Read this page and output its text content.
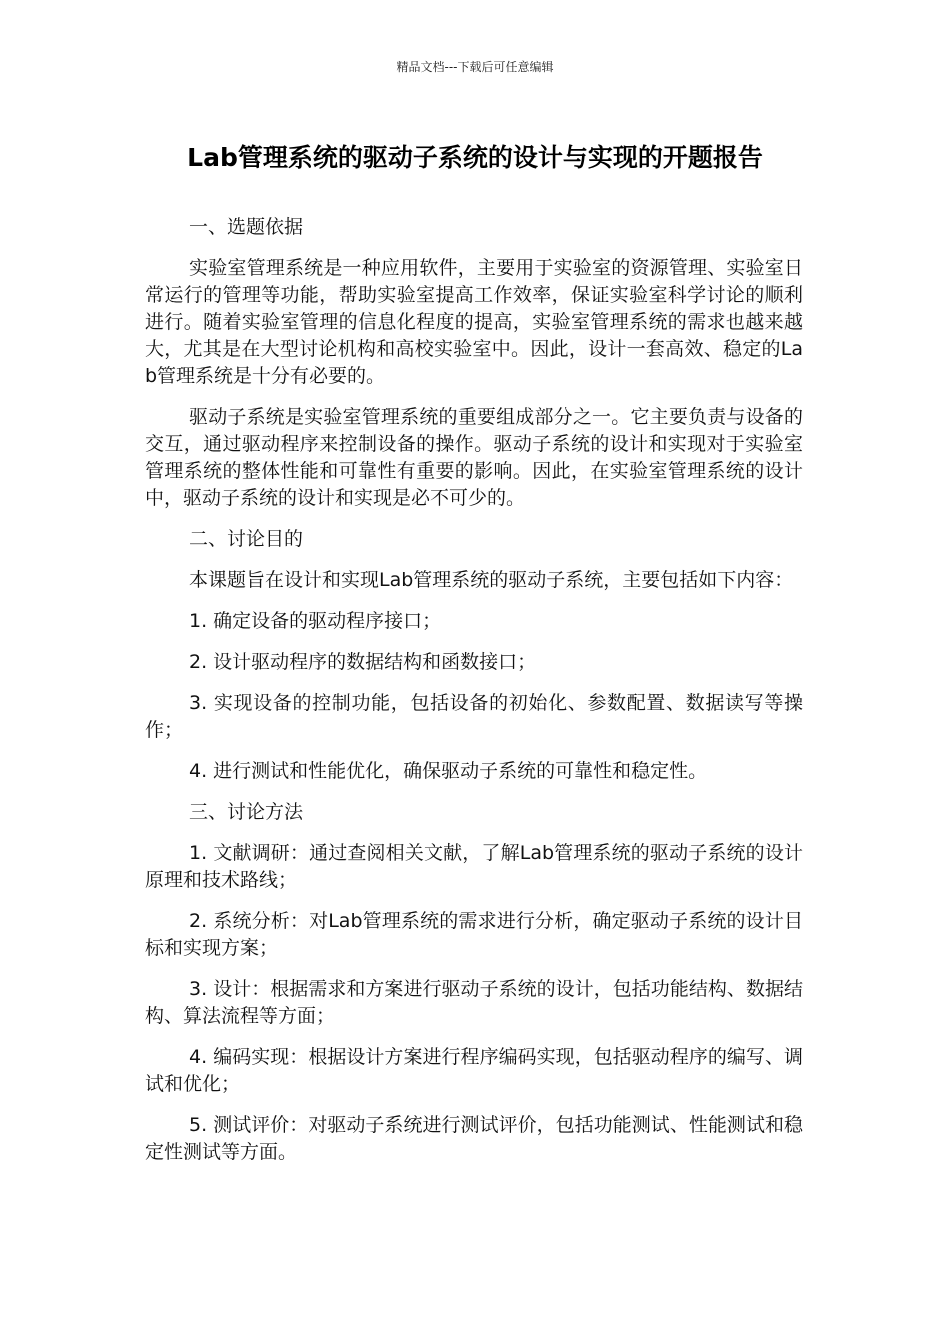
精品文档---下载后可任意编辑
Lab管理系统的驱动子系统的设计与实现的开题报告

一、选题依据

实验室管理系统是一种应用软件，主要用于实验室的资源管理、实验室日常运行的管理等功能，帮助实验室提高工作效率，保证实验室科学讨论的顺利进行。随着实验室管理的信息化程度的提高，实验室管理系统的需求也越来越大，尤其是在大型讨论机构和高校实验室中。因此，设计一套高效、稳定的Lab管理系统是十分有必要的。

驱动子系统是实验室管理系统的重要组成部分之一。它主要负责与设备的交互，通过驱动程序来控制设备的操作。驱动子系统的设计和实现对于实验室管理系统的整体性能和可靠性有重要的影响。因此，在实验室管理系统的设计中，驱动子系统的设计和实现是必不可少的。

二、讨论目的

本课题旨在设计和实现Lab管理系统的驱动子系统，主要包括如下内容：

1. 确定设备的驱动程序接口；

2. 设计驱动程序的数据结构和函数接口；

3. 实现设备的控制功能，包括设备的初始化、参数配置、数据读写等操作；

4. 进行测试和性能优化，确保驱动子系统的可靠性和稳定性。

三、讨论方法

1. 文献调研：通过查阅相关文献，了解Lab管理系统的驱动子系统的设计原理和技术路线；

2. 系统分析：对Lab管理系统的需求进行分析，确定驱动子系统的设计目标和实现方案；

3. 设计：根据需求和方案进行驱动子系统的设计，包括功能结构、数据结构、算法流程等方面；

4. 编码实现：根据设计方案进行程序编码实现，包括驱动程序的编写、调试和优化；

5. 测试评价：对驱动子系统进行测试评价，包括功能测试、性能测试和稳定性测试等方面。
